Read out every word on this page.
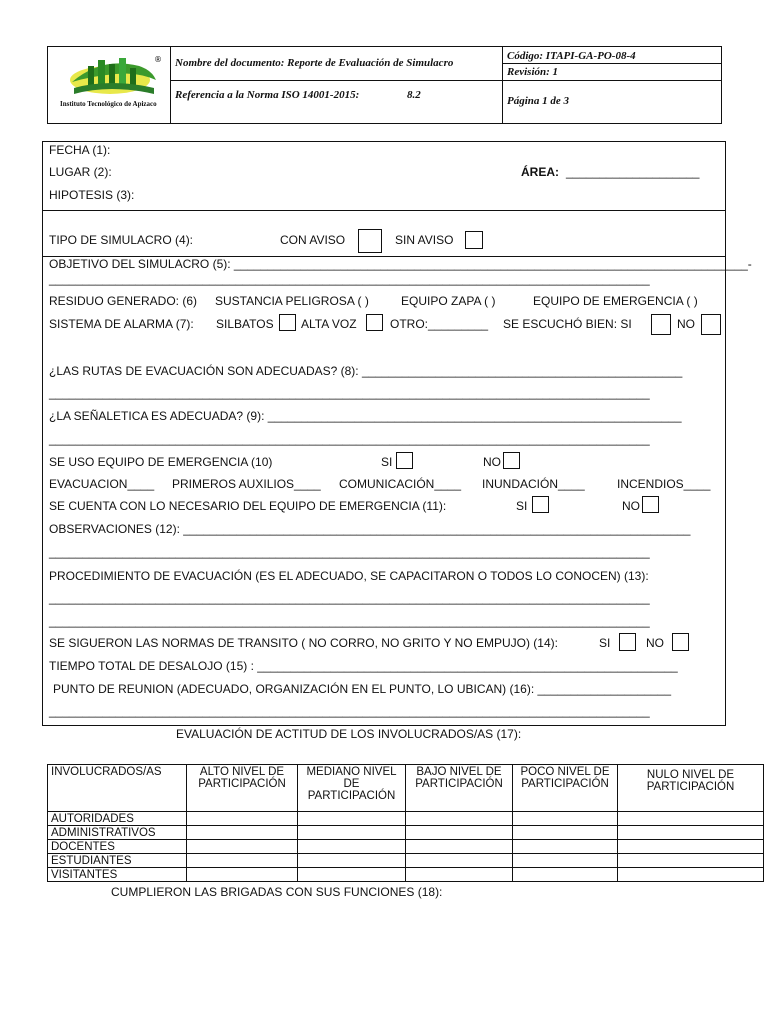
®
Instituto Tecnológico de Apizaco
Nombre del documento: Reporte de Evaluación de Simulacro
Referencia a la Norma ISO 14001-2015:	8.2
Código: ITAPI-GA-PO-08-4
Revisión: 1
Página 1 de 3
FECHA (1):
LUGAR (2):	ÁREA: ____________________
HIPOTESIS (3):
TIPO DE SIMULACRO (4):	CON AVISO	SIN AVISO
OBJETIVO DEL SIMULACRO (5): _____________________________________________________________________________-
__________________________________________________________________________________________
RESIDUO GENERADO: (6) SUSTANCIA PELIGROSA ( )	EQUIPO ZAPA ( )	EQUIPO DE EMERGENCIA ( )
SISTEMA DE ALARMA (7): SILBATOS ALTA VOZ	OTRO:_________ SE ESCUCHÓ BIEN: SI	NO
¿LAS RUTAS DE EVACUACIÓN SON ADECUADAS? (8): ________________________________________________
__________________________________________________________________________________________
¿LA SEÑALETICA ES ADECUADA? (9): ______________________________________________________________
__________________________________________________________________________________________
SE USO EQUIPO DE EMERGENCIA (10)	SI	NO
EVACUACION____ PRIMEROS AUXILIOS____ COMUNICACIÓN____ INUNDACIÓN____	INCENDIOS____
SE CUENTA CON LO NECESARIO DEL EQUIPO DE EMERGENCIA (11):	SI	NO
OBSERVACIONES (12): ____________________________________________________________________________
__________________________________________________________________________________________
PROCEDIMIENTO DE EVACUACIÓN (ES EL ADECUADO, SE CAPACITARON O TODOS LO CONOCEN) (13):
__________________________________________________________________________________________
__________________________________________________________________________________________
SE SIGUERON LAS NORMAS DE TRANSITO ( NO CORRO, NO GRITO Y NO EMPUJO) (14):	SI	NO
TIEMPO TOTAL DE DESALOJO (15) : _______________________________________________________________
PUNTO DE REUNION (ADECUADO, ORGANIZACIÓN EN EL PUNTO, LO UBICAN) (16): ____________________
__________________________________________________________________________________________
EVALUACIÓN DE ACTITUD DE LOS INVOLUCRADOS/AS (17):
INVOLUCRADOS/AS	ALTO NIVEL DE PARTICIPACIÓN	MEDIANO NIVEL DE PARTICIPACIÓN	BAJO NIVEL DE PARTICIPACIÓN	POCO NIVEL DE PARTICIPACIÓN	NULO NIVEL DE PARTICIPACIÓN
AUTORIDADES					
ADMINISTRATIVOS					
DOCENTES					
ESTUDIANTES					
VISITANTES					
CUMPLIERON LAS BRIGADAS CON SUS FUNCIONES (18):
